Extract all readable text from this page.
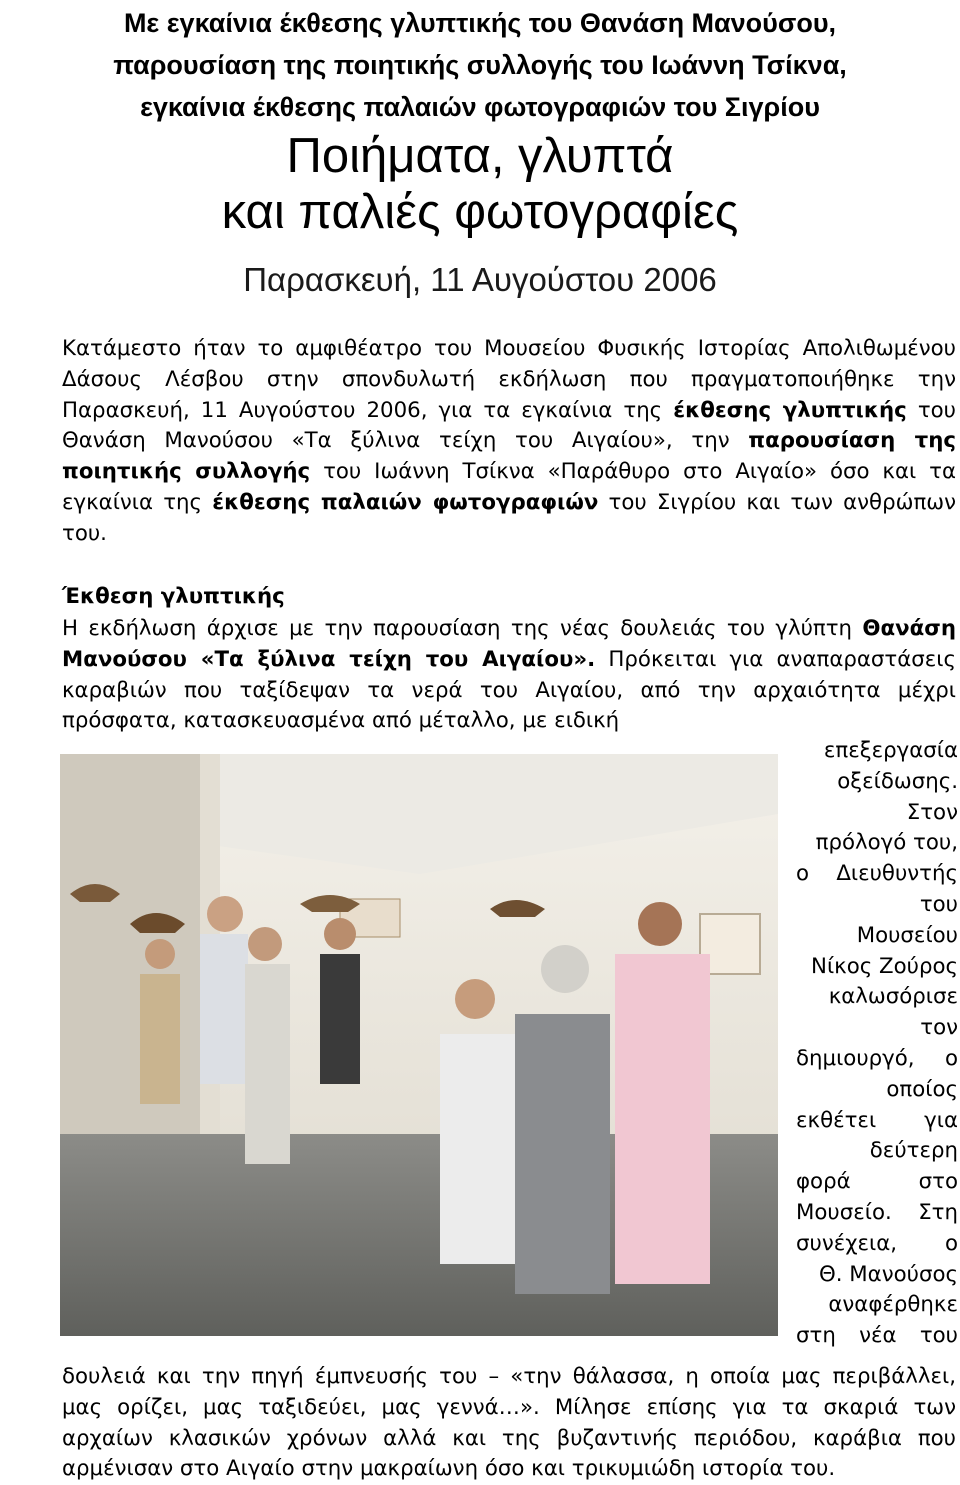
Με εγκαίνια έκθεσης γλυπτικής του Θανάση Μανούσου,
παρουσίαση της ποιητικής συλλογής του Ιωάννη Τσίκνα,
εγκαίνια έκθεσης παλαιών φωτογραφιών του Σιγρίου
Ποιήματα, γλυπτά
και παλιές φωτογραφίες
Παρασκευή, 11 Αυγούστου 2006
Κατάμεστο ήταν το αμφιθέατρο του Μουσείου Φυσικής Ιστορίας Απολιθωμένου Δάσους Λέσβου στην σπονδυλωτή εκδήλωση που πραγματοποιήθηκε την Παρασκευή, 11 Αυγούστου 2006, για τα εγκαίνια της έκθεσης γλυπτικής του Θανάση Μανούσου «Τα ξύλινα τείχη του Αιγαίου», την παρουσίαση της ποιητικής συλλογής του Ιωάννη Τσίκνα «Παράθυρο στο Αιγαίο» όσο και τα εγκαίνια της έκθεσης παλαιών φωτογραφιών του Σιγρίου και των ανθρώπων του.
Έκθεση γλυπτικής
Η εκδήλωση άρχισε με την παρουσίαση της νέας δουλειάς του γλύπτη Θανάση Μανούσου «Τα ξύλινα τείχη του Αιγαίου». Πρόκειται για αναπαραστάσεις καραβιών που ταξίδεψαν τα νερά του Αιγαίου, από την αρχαιότητα μέχρι πρόσφατα, κατασκευασμένα από μέταλλο, με ειδική
επεξεργασία
οξείδωσης.
Στον
πρόλογό του,
ο Διευθυντής
του
Μουσείου
Νίκος Ζούρος
καλωσόρισε
τον
δημιουργό, ο
οποίος
εκθέτει για
δεύτερη
φορά	στο
Μουσείο. Στη
συνέχεια, ο
Θ. Μανούσος
αναφέρθηκε
στη νέα του
δουλειά και την πηγή έμπνευσής του – «την θάλασσα, η οποία μας περιβάλλει,
μας ορίζει, μας ταξιδεύει, μας γεννά…». Μίλησε επίσης για τα σκαριά των
αρχαίων κλασικών χρόνων αλλά και της βυζαντινής περιόδου, καράβια που
αρμένισαν στο Αιγαίο στην μακραίωνη όσο και τρικυμιώδη ιστορία του.
